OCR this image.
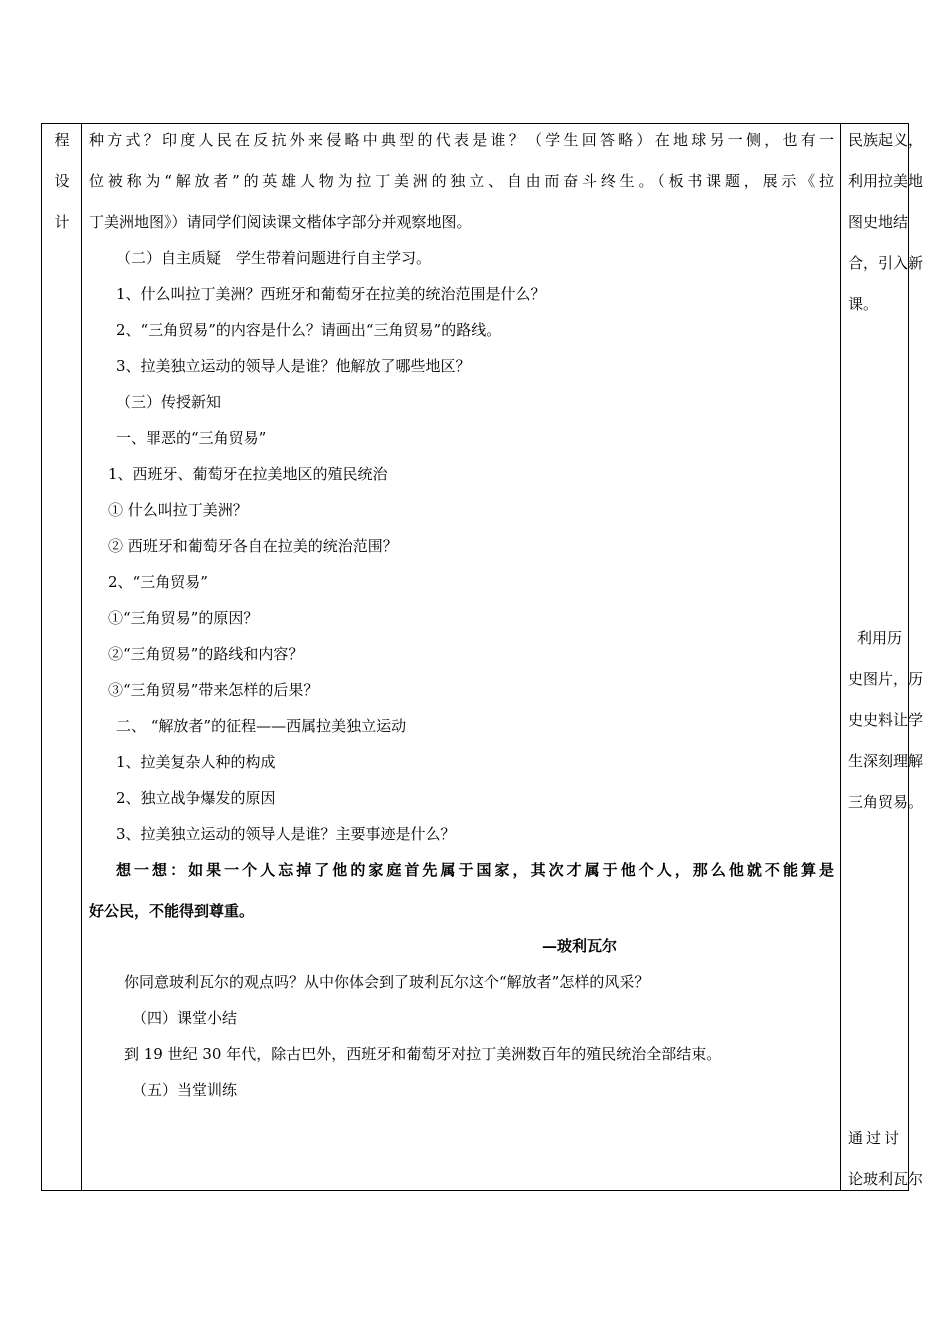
程
设
计
种方式？印度人民在反抗外来侵略中典型的代表是谁？（学生回答略）在地球另一侧，也有一
位被称为“解放者”的英雄人物为拉丁美洲的独立、自由而奋斗终生。（板书课题，展示《拉
丁美洲地图》）请同学们阅读课文楷体字部分并观察地图。
（二）自主质疑　学生带着问题进行自主学习。
1、什么叫拉丁美洲？西班牙和葡萄牙在拉美的统治范围是什么？
2、“三角贸易”的内容是什么？请画出“三角贸易”的路线。
3、拉美独立运动的领导人是谁？他解放了哪些地区？
（三）传授新知
一、罪恶的“三角贸易”
1、西班牙、葡萄牙在拉美地区的殖民统治
① 什么叫拉丁美洲？
② 西班牙和葡萄牙各自在拉美的统治范围？
2、“三角贸易”
①“三角贸易”的原因？
②“三角贸易”的路线和内容？
③“三角贸易”带来怎样的后果？
二、 “解放者”的征程——西属拉美独立运动
1、拉美复杂人种的构成
2、独立战争爆发的原因
3、拉美独立运动的领导人是谁？主要事迹是什么？
想一想：如果一个人忘掉了他的家庭首先属于国家，其次才属于他个人，那么他就不能算是
好公民，不能得到尊重。
—玻利瓦尔
你同意玻利瓦尔的观点吗？从中你体会到了玻利瓦尔这个“解放者”怎样的风采？
（四）课堂小结
到 19 世纪 30 年代，除古巴外，西班牙和葡萄牙对拉丁美洲数百年的殖民统治全部结束。
（五）当堂训练
民族起义，
利用拉美地
图史地结
合，引入新
课。
利用历
史图片，历
史史料让学
生深刻理解
三角贸易。
通过讨
论玻利瓦尔
